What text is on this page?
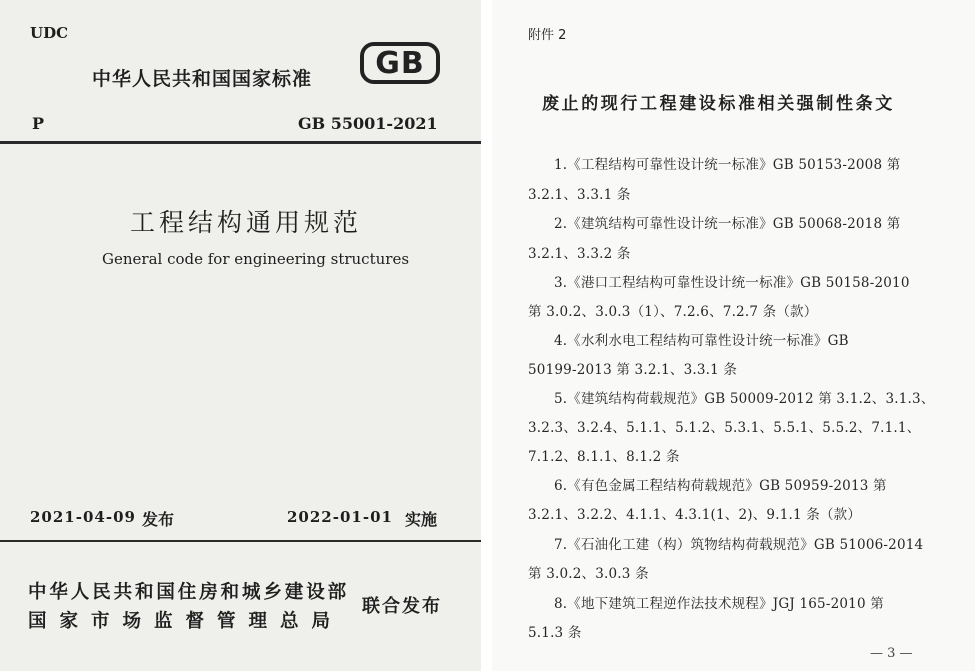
UDC
中华人民共和国国家标准	GB
P	GB 55001-2021
工程结构通用规范
General code for engineering structures
2021-04-09 发布	2022-01-01 实施
中华人民共和国住房和城乡建设部
国家市场监督管理总局
联合发布
附件 2
废止的现行工程建设标准相关强制性条文
1.《工程结构可靠性设计统一标准》GB 50153-2008 第
3.2.1、3.3.1 条
2.《建筑结构可靠性设计统一标准》GB 50068-2018 第
3.2.1、3.3.2 条
3.《港口工程结构可靠性设计统一标准》GB 50158-2010
第 3.0.2、3.0.3（1）、7.2.6、7.2.7 条（款）
4.《水利水电工程结构可靠性设计统一标准》GB
50199-2013 第 3.2.1、3.3.1 条
5.《建筑结构荷载规范》GB 50009-2012 第 3.1.2、3.1.3、
3.2.3、3.2.4、5.1.1、5.1.2、5.3.1、5.5.1、5.5.2、7.1.1、
7.1.2、8.1.1、8.1.2 条
6.《有色金属工程结构荷载规范》GB 50959-2013 第
3.2.1、3.2.2、4.1.1、4.3.1(1、2)、9.1.1 条（款）
7.《石油化工建（构）筑物结构荷载规范》GB 51006-2014
第 3.0.2、3.0.3 条
8.《地下建筑工程逆作法技术规程》JGJ 165-2010 第
5.1.3 条
— 3 —
